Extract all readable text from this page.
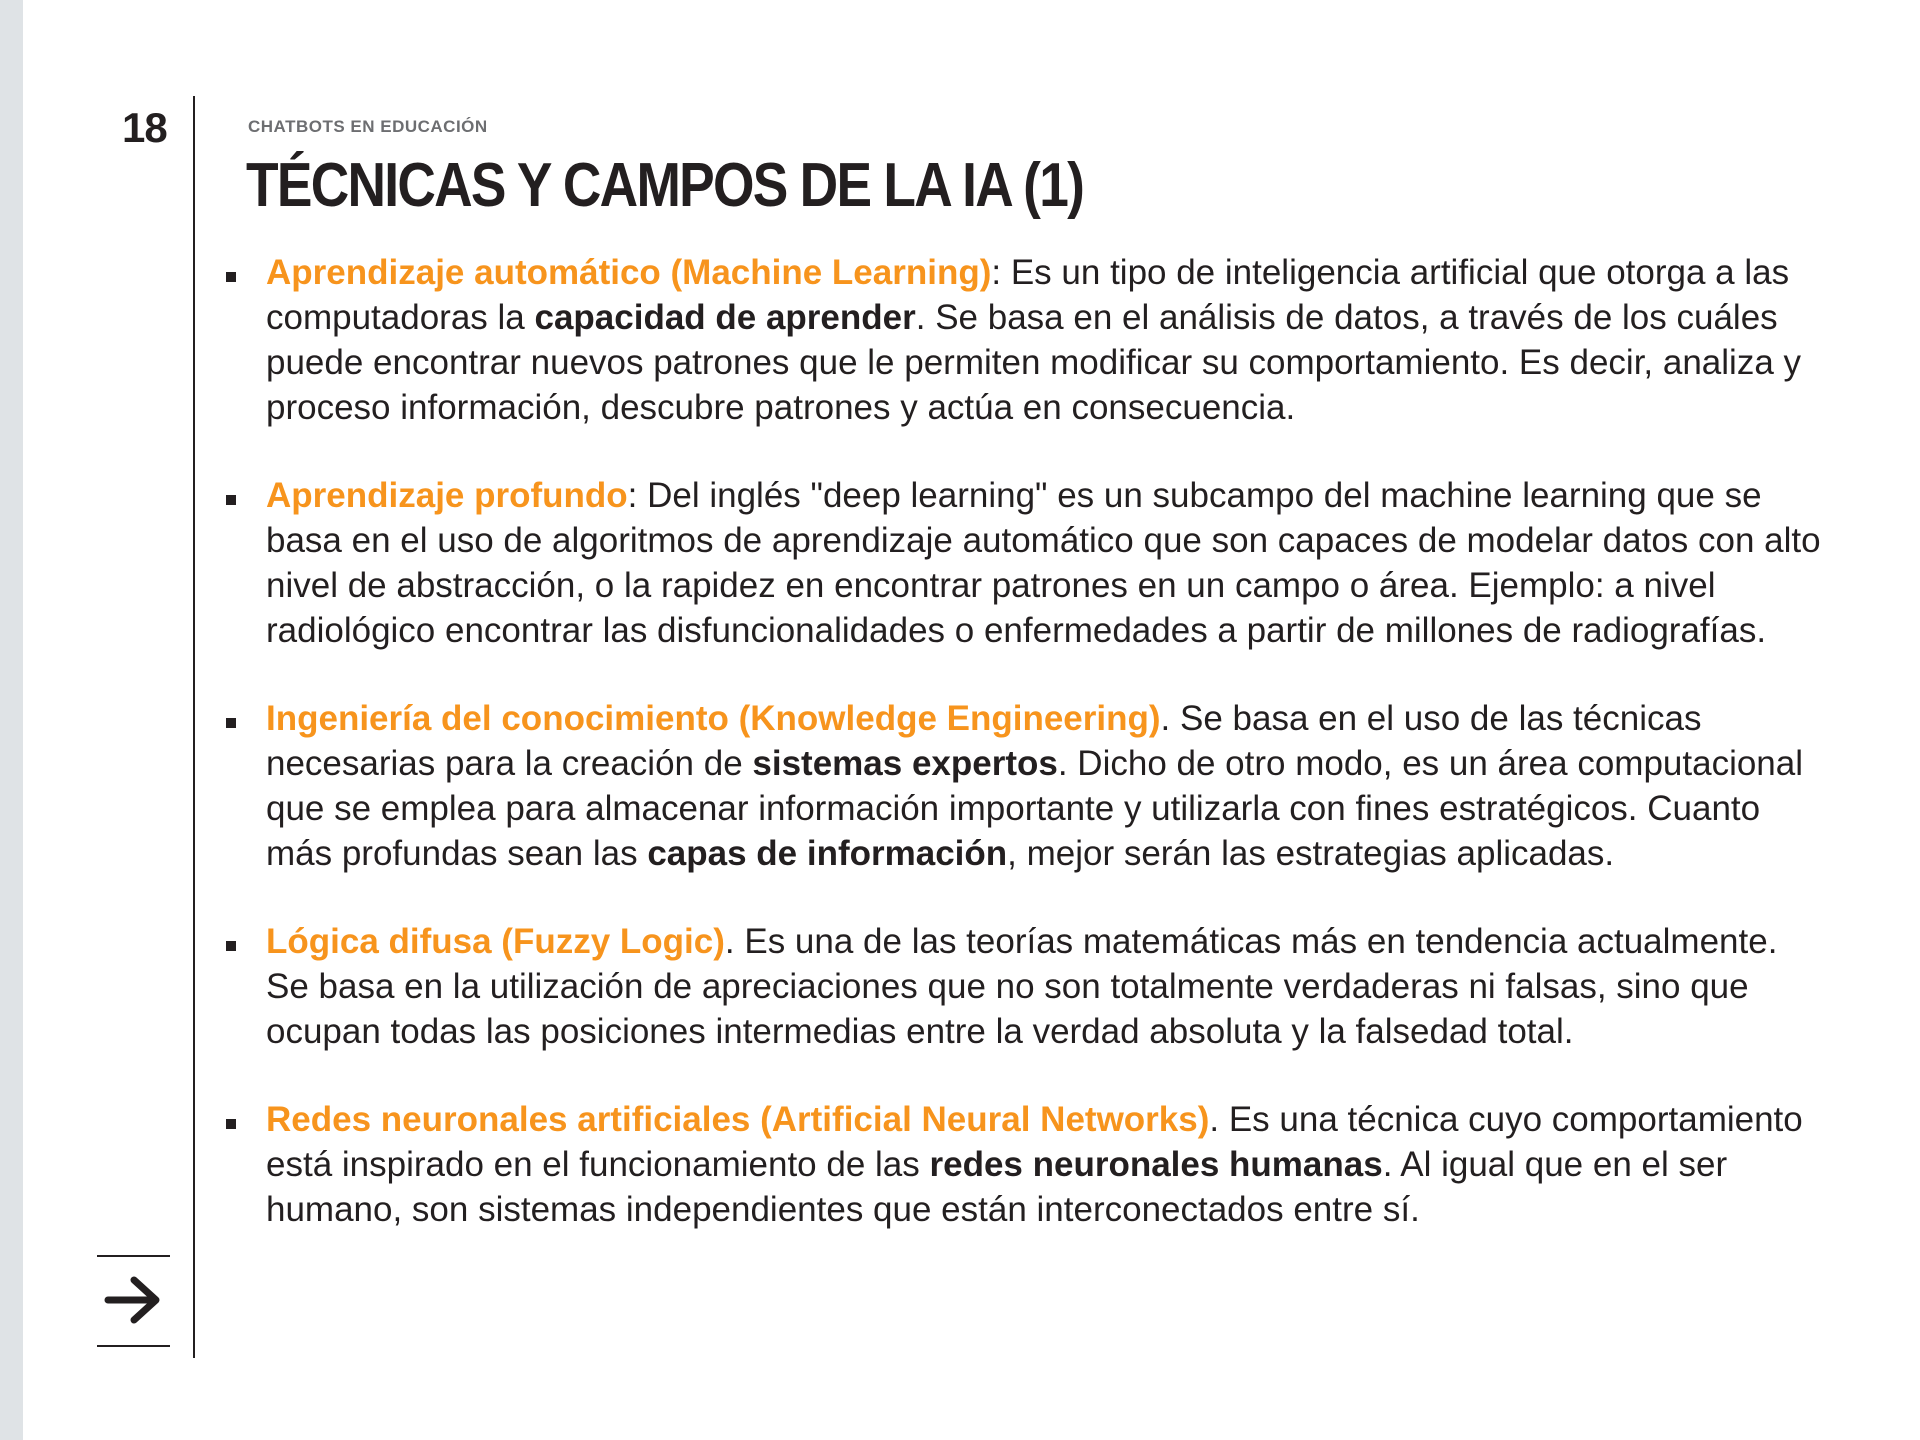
18	CHATBOTS EN EDUCACIÓN
TÉCNICAS Y CAMPOS DE LA IA (1)
Aprendizaje automático (Machine Learning): Es un tipo de inteligencia artificial que otorga a las computadoras la capacidad de aprender. Se basa en el análisis de datos, a través de los cuáles puede encontrar nuevos patrones que le permiten modificar su comportamiento. Es decir, analiza y proceso información, descubre patrones y actúa en consecuencia.
Aprendizaje profundo: Del inglés "deep learning" es un subcampo del machine learning que se basa en el uso de algoritmos de aprendizaje automático que son capaces de modelar datos con alto nivel de abstracción, o la rapidez en encontrar patrones en un campo o área. Ejemplo: a nivel radiológico encontrar las disfuncionalidades o enfermedades a partir de millones de radiografías.
Ingeniería del conocimiento (Knowledge Engineering). Se basa en el uso de las técnicas necesarias para la creación de sistemas expertos. Dicho de otro modo, es un área computacional que se emplea para almacenar información importante y utilizarla con fines estratégicos. Cuanto más profundas sean las capas de información, mejor serán las estrategias aplicadas.
Lógica difusa (Fuzzy Logic). Es una de las teorías matemáticas más en tendencia actualmente. Se basa en la utilización de apreciaciones que no son totalmente verdaderas ni falsas, sino que ocupan todas las posiciones intermedias entre la verdad absoluta y la falsedad total.
Redes neuronales artificiales (Artificial Neural Networks). Es una técnica cuyo comportamiento está inspirado en el funcionamiento de las redes neuronales humanas. Al igual que en el ser humano, son sistemas independientes que están interconectados entre sí.
